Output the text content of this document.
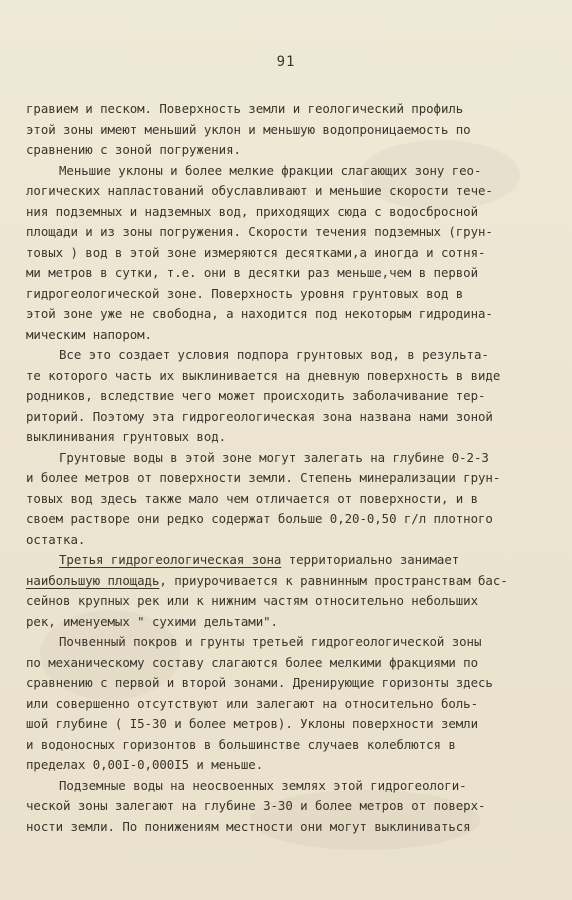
91
гравием и песком. Поверхность земли и геологический профиль
этой зоны имеют меньший уклон и меньшую водопроницаемость по
сравнению с зоной погружения.
Меньшие уклоны и более мелкие фракции слагающих зону гео-
логических напластований обуславливают и меньшие скорости тече-
ния подземных и надземных вод, приходящих сюда с водосбросной
площади и из зоны погружения. Скорости течения подземных (грун-
товых ) вод в этой зоне измеряются десятками,а иногда и сотня-
ми метров в сутки, т.е. они в десятки раз меньше,чем в первой
гидрогеологической зоне. Поверхность уровня грунтовых вод в
этой зоне уже не свободна, а находится под некоторым гидродина-
мическим напором.
Все это создает условия подпора грунтовых вод, в результа-
те которого часть их выклинивается на дневную поверхность в виде
родников, вследствие чего может происходить заболачивание тер-
риторий. Поэтому эта гидрогеологическая зона названа нами зоной
выклинивания грунтовых вод.
Грунтовые воды в этой зоне могут залегать на глубине 0-2-3
и более метров от поверхности земли. Степень минерализации грун-
товых вод здесь также мало чем отличается от поверхности, и в
своем растворе они редко содержат больше 0,20-0,50 г/л плотного
остатка.
Третья гидрогеологическая зона территориально занимает
наибольшую площадь, приурочивается к равнинным пространствам бас-
сейнов крупных рек или к нижним частям относительно небольших
рек, именуемых " сухими дельтами".
Почвенный покров и грунты третьей гидрогеологической зоны
по механическому составу слагаются более мелкими фракциями по
сравнению с первой и второй зонами. Дренирующие горизонты здесь
или совершенно отсутствуют или залегают на относительно боль-
шой глубине ( I5-30 и более метров). Уклоны поверхности земли
и водоносных горизонтов в большинстве случаев колеблются в
пределах 0,00I-0,000I5 и меньше.
Подземные воды на неосвоенных землях этой гидрогеологи-
ческой зоны залегают на глубине 3-30 и более метров от поверх-
ности земли. По понижениям местности они могут выклиниваться
